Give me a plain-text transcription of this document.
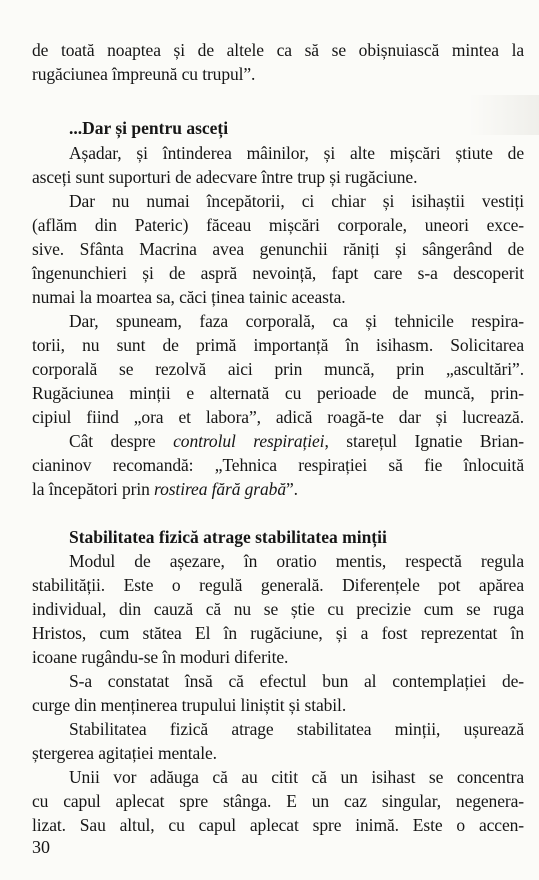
de toată noaptea și de altele ca să se obișnuiască mintea la
rugăciunea împreună cu trupul”.
...Dar și pentru asceți
Așadar, și întinderea mâinilor, și alte mișcări știute de
asceți sunt suporturi de adecvare între trup și rugăciune.
Dar nu numai începătorii, ci chiar și isihaștii vestiți
(aflăm din Pateric) făceau mișcări corporale, uneori exce-
sive. Sfânta Macrina avea genunchii răniți și sângerând de
îngenunchieri și de aspră nevoință, fapt care s-a descoperit
numai la moartea sa, căci ținea tainic aceasta.
Dar, spuneam, faza corporală, ca și tehnicile respira-
torii, nu sunt de primă importanță în isihasm. Solicitarea
corporală se rezolvă aici prin muncă, prin „ascultări”.
Rugăciunea minții e alternată cu perioade de muncă, prin-
cipiul fiind „ora et labora”, adică roagă-te dar și lucrează.
Cât despre controlul respirației, starețul Ignatie Brian-
cianinov recomandă: „Tehnica respirației să fie înlocuită
la începători prin rostirea fără grabă”.
Stabilitatea fizică atrage stabilitatea minții
Modul de așezare, în oratio mentis, respectă regula
stabilității. Este o regulă generală. Diferențele pot apărea
individual, din cauză că nu se știe cu precizie cum se ruga
Hristos, cum stătea El în rugăciune, și a fost reprezentat în
icoane rugându-se în moduri diferite.
S-a constatat însă că efectul bun al contemplației de-
curge din menținerea trupului liniștit și stabil.
Stabilitatea fizică atrage stabilitatea minții, ușurează
ștergerea agitației mentale.
Unii vor adăuga că au citit că un isihast se concentra
cu capul aplecat spre stânga. E un caz singular, negenera-
lizat. Sau altul, cu capul aplecat spre inimă. Este o accen-
30
